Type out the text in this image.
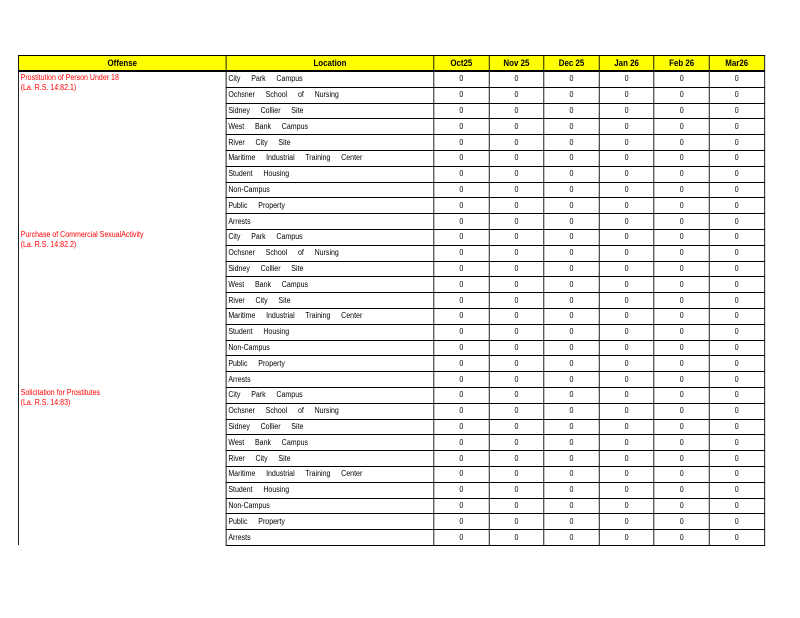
Offense	Location	Oct25	Nov 25	Dec 25	Jan 26	Feb 26	Mar26
Prostitution of Person Under 18

(La. R.S. 14:82.1)	City Park Campus	0	0	0	0	0	0
	Ochsner School of Nursing	0	0	0	0	0	0
	Sidney Collier Site	0	0	0	0	0	0
	West Bank Campus	0	0	0	0	0	0
	River City Site	0	0	0	0	0	0
	Maritime Industrial Training Center	0	0	0	0	0	0
	Student Housing	0	0	0	0	0	0
	Non-Campus	0	0	0	0	0	0
	Public Property	0	0	0	0	0	0
	Arrests	0	0	0	0	0	0
Purchase of Commercial SexualActivity

(La. R.S. 14:82.2)	City Park Campus	0	0	0	0	0	0
	Ochsner School of Nursing	0	0	0	0	0	0
	Sidney Collier Site	0	0	0	0	0	0
	West Bank Campus	0	0	0	0	0	0
	River City Site	0	0	0	0	0	0
	Maritime Industrial Training Center	0	0	0	0	0	0
	Student Housing	0	0	0	0	0	0
	Non-Campus	0	0	0	0	0	0
	Public Property	0	0	0	0	0	0
	Arrests	0	0	0	0	0	0
Solicitation for Prostitutes

(La. R.S. 14:83)	City Park Campus	0	0	0	0	0	0
	Ochsner School of Nursing	0	0	0	0	0	0
	Sidney Collier Site	0	0	0	0	0	0
	West Bank Campus	0	0	0	0	0	0
	River City Site	0	0	0	0	0	0
	Maritime Industrial Training Center	0	0	0	0	0	0
	Student Housing	0	0	0	0	0	0
	Non-Campus	0	0	0	0	0	0
	Public Property	0	0	0	0	0	0
	Arrests	0	0	0	0	0	0
